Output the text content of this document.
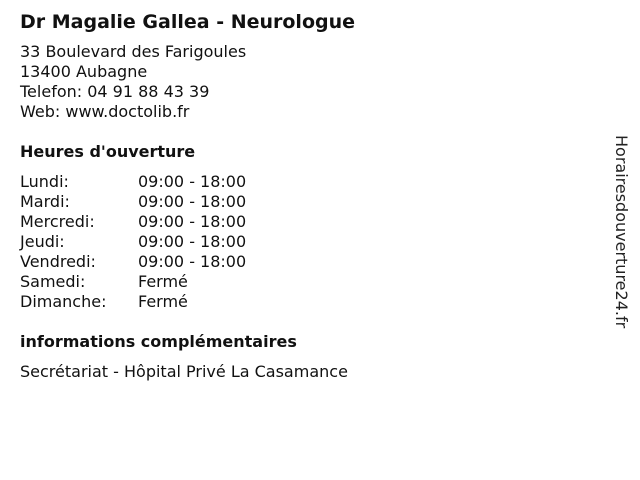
Dr Magalie Gallea - Neurologue
33 Boulevard des Farigoules
13400 Aubagne
Telefon: 04 91 88 43 39
Web: www.doctolib.fr
Heures d'ouverture
Lundi:	09:00 - 18:00
Mardi:	09:00 - 18:00
Mercredi:	09:00 - 18:00
Jeudi:	09:00 - 18:00
Vendredi:	09:00 - 18:00
Samedi:	Fermé
Dimanche:	Fermé
informations complémentaires
Secrétariat - Hôpital Privé La Casamance
Horairesdouverture24.fr
